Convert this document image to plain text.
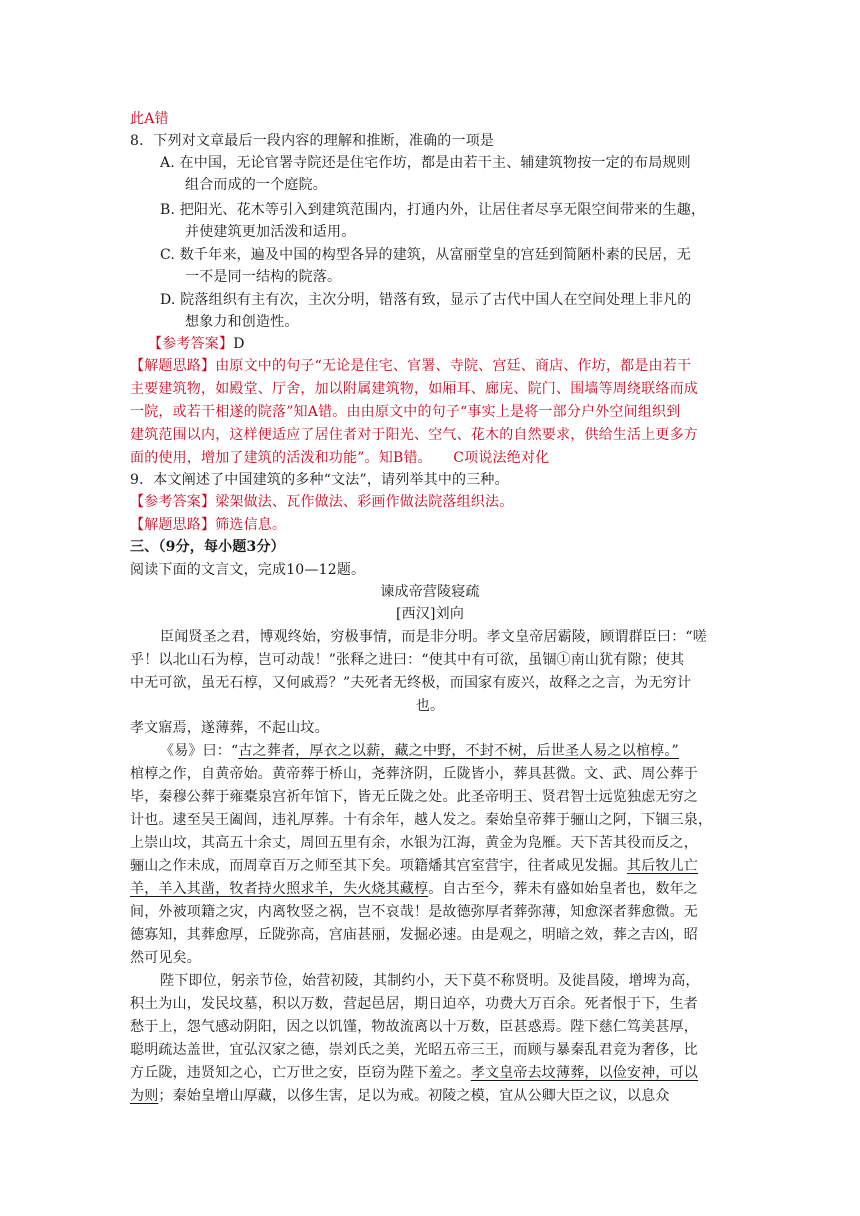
此A错
8．下列对文章最后一段内容的理解和推断，准确的一项是
A. 在中国，无论官署寺院还是住宅作坊，都是由若干主、辅建筑物按一定的布局规则
组合而成的一个庭院。
B. 把阳光、花木等引入到建筑范围内，打通内外，让居住者尽享无限空间带来的生趣，
并使建筑更加活泼和适用。
C. 数千年来，遍及中国的构型各异的建筑，从富丽堂皇的宫廷到简陋朴素的民居，无
一不是同一结构的院落。
D. 院落组织有主有次，主次分明，错落有致，显示了古代中国人在空间处理上非凡的
想象力和创造性。
【参考答案】D
【解题思路】由原文中的句子“无论是住宅、官署、寺院、宫廷、商店、作坊，都是由若干
主要建筑物，如殿堂、厅舍，加以附属建筑物，如厢耳、廊庑、院门、围墙等周绕联络而成
一院，或若干相遂的院落”知A错。由由原文中的句子“事实上是将一部分户外空间组织到
建筑范围以内，这样便适应了居住者对于阳光、空气、花木的自然要求，供给生活上更多方
面的使用，增加了建筑的活泼和功能”。知B错。　　C项说法绝对化
9．本文阐述了中国建筑的多种“文法”，请列举其中的三种。
【参考答案】梁架做法、瓦作做法、彩画作做法院落组织法。
【解题思路】筛选信息。
三、（9分，每小题3分）
阅读下面的文言文，完成10—12题。
谏成帝营陵寝疏
[西汉]刘向
臣闻贤圣之君，博观终始，穷极事情，而是非分明。孝文皇帝居霸陵，顾谓群臣曰：“嗟
乎！以北山石为椁，岂可动哉！”张释之进曰：“使其中有可欲，虽锢①南山犹有隙；使其
中无可欲，虽无石椁，又何戚焉？”夫死者无终极，而国家有废兴，故释之之言，为无穷计
也。
孝文寤焉，遂薄葬，不起山坟。
《易》曰：“古之葬者，厚衣之以薪，藏之中野，不封不树，后世圣人易之以棺椁。”
棺椁之作，自黄帝始。黄帝葬于桥山，尧葬济阴，丘陇皆小，葬具甚微。文、武、周公葬于
毕，秦穆公葬于雍橐泉宫祈年馆下，皆无丘陇之处。此圣帝明王、贤君智士远览独虑无穷之
计也。逮至吴王阖闾，违礼厚葬。十有余年，越人发之。秦始皇帝葬于骊山之阿，下锢三泉，
上崇山坟，其高五十余丈，周回五里有余，水银为江海，黄金为凫雁。天下苦其役而反之，
骊山之作未成，而周章百万之师至其下矣。项籍燔其宫室营宇，往者咸见发掘。其后牧儿亡
羊，羊入其凿，牧者持火照求羊，失火烧其藏椁。自古至今，葬未有盛如始皇者也，数年之
间，外被项籍之灾，内离牧竖之祸，岂不哀哉！是故德弥厚者葬弥薄，知愈深者葬愈微。无
德寡知，其葬愈厚，丘陇弥高，宫庙甚丽，发掘必速。由是观之，明暗之效，葬之吉凶，昭
然可见矣。
陛下即位，躬亲节俭，始营初陵，其制约小，天下莫不称贤明。及徙昌陵，增埤为高，
积土为山，发民坟墓，积以万数，营起邑居，期日迫卒，功费大万百余。死者恨于下，生者
愁于上，怨气感动阴阳，因之以饥馑，物故流离以十万数，臣甚惑焉。陛下慈仁笃美甚厚，
聪明疏达盖世，宜弘汉家之德，崇刘氏之美，光昭五帝三王，而顾与暴秦乱君竞为奢侈，比
方丘陇，违贤知之心，亡万世之安，臣窃为陛下羞之。孝文皇帝去坟薄葬，以俭安神，可以
为则；秦始皇增山厚藏，以侈生害，足以为戒。初陵之模，宜从公卿大臣之议，以息众
